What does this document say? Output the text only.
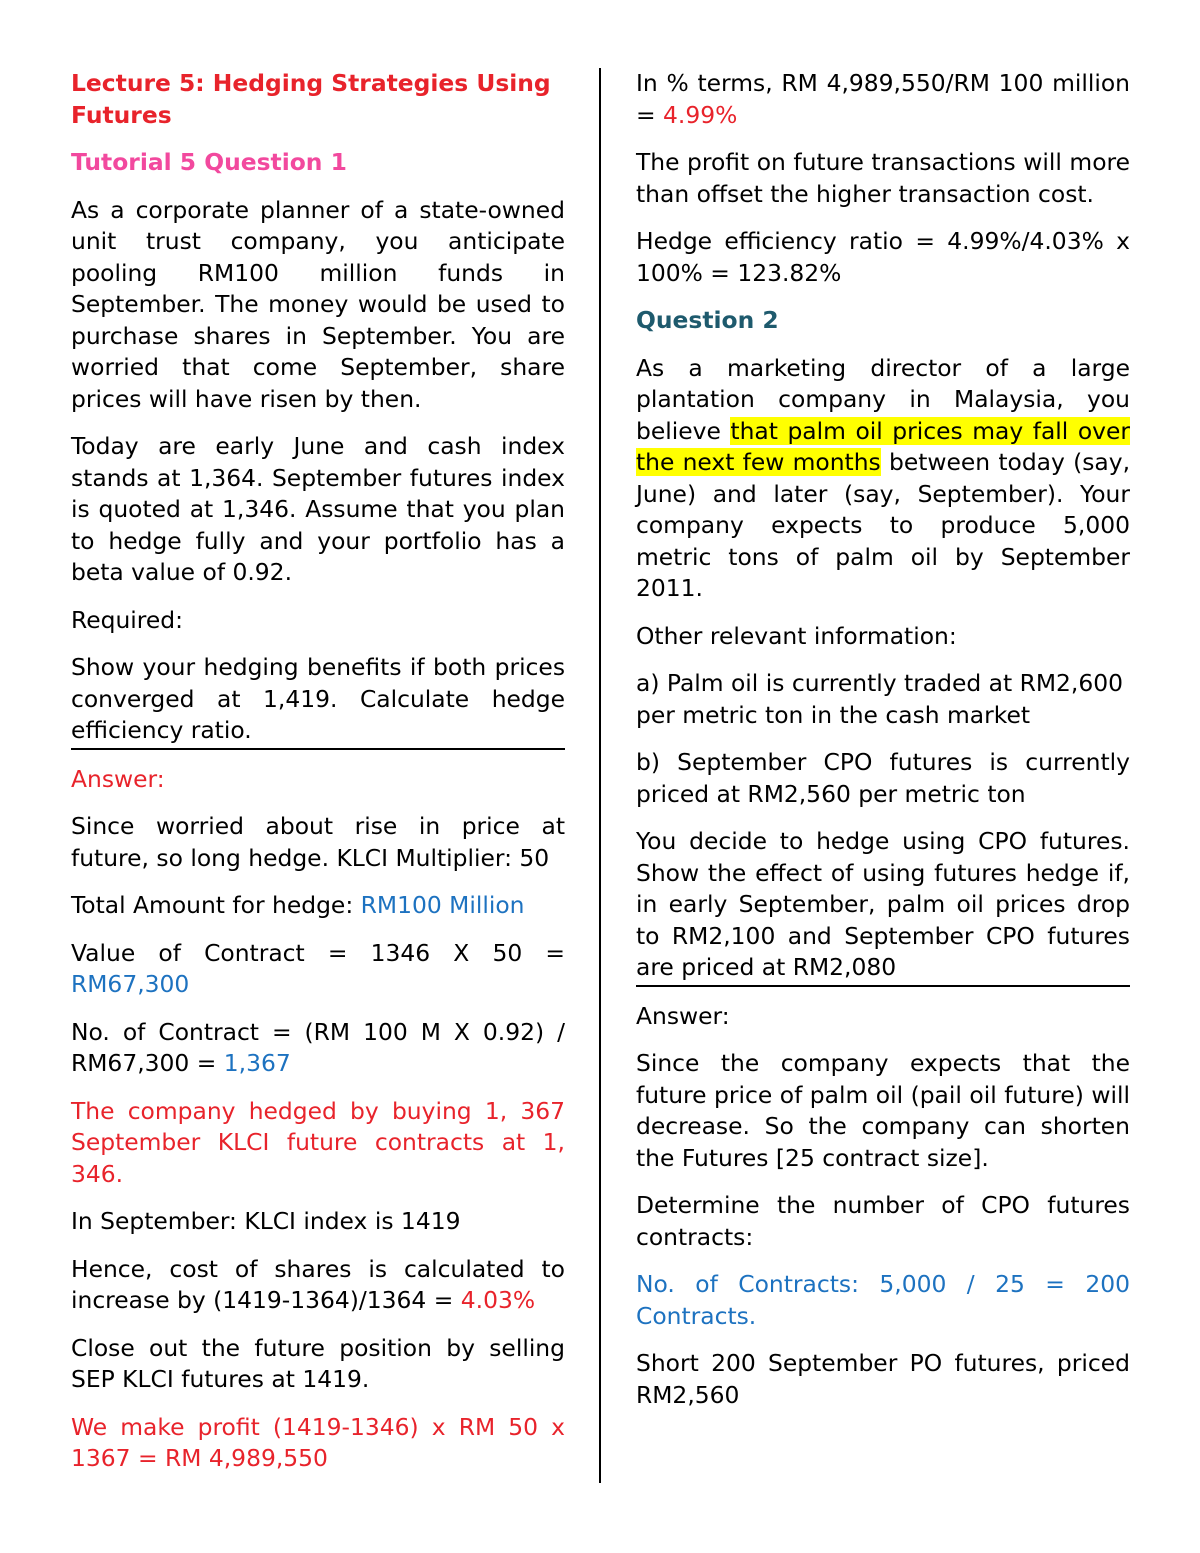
Lecture 5: Hedging Strategies Using Futures

Tutorial 5 Question 1

As a corporate planner of a state-owned unit trust company, you anticipate pooling RM100 million funds in September. The money would be used to purchase shares in September. You are worried that come September, share prices will have risen by then.

Today are early June and cash index stands at 1,364. September futures index is quoted at 1,346. Assume that you plan to hedge fully and your portfolio has a beta value of 0.92.

Required:

Show your hedging benefits if both prices converged at 1,419. Calculate hedge efficiency ratio.

Answer:

Since worried about rise in price at future, so long hedge. KLCI Multiplier: 50

Total Amount for hedge: RM100 Million

Value of Contract = 1346 X 50 = RM67,300

No. of Contract = (RM 100 M X 0.92) / RM67,300 = 1,367

The company hedged by buying 1, 367 September KLCI future contracts at 1, 346.

In September: KLCI index is 1419

Hence, cost of shares is calculated to increase by (1419-1364)/1364 = 4.03%

Close out the future position by selling SEP KLCI futures at 1419.

We make profit (1419-1346) x RM 50 x 1367 = RM 4,989,550

In % terms, RM 4,989,550/RM 100 million = 4.99%

The profit on future transactions will more than offset the higher transaction cost.

Hedge efficiency ratio = 4.99%/4.03% x 100% = 123.82%

Question 2

As a marketing director of a large plantation company in Malaysia, you believe that palm oil prices may fall over the next few months between today (say, June) and later (say, September). Your company expects to produce 5,000 metric tons of palm oil by September 2011.

Other relevant information:

a) Palm oil is currently traded at RM2,600 per metric ton in the cash market

b) September CPO futures is currently priced at RM2,560 per metric ton

You decide to hedge using CPO futures. Show the effect of using futures hedge if, in early September, palm oil prices drop to RM2,100 and September CPO futures are priced at RM2,080

Answer:

Since the company expects that the future price of palm oil (pail oil future) will decrease. So the company can shorten the Futures [25 contract size].

Determine the number of CPO futures contracts:

No. of Contracts: 5,000 / 25 = 200 Contracts.

Short 200 September PO futures, priced RM2,560
